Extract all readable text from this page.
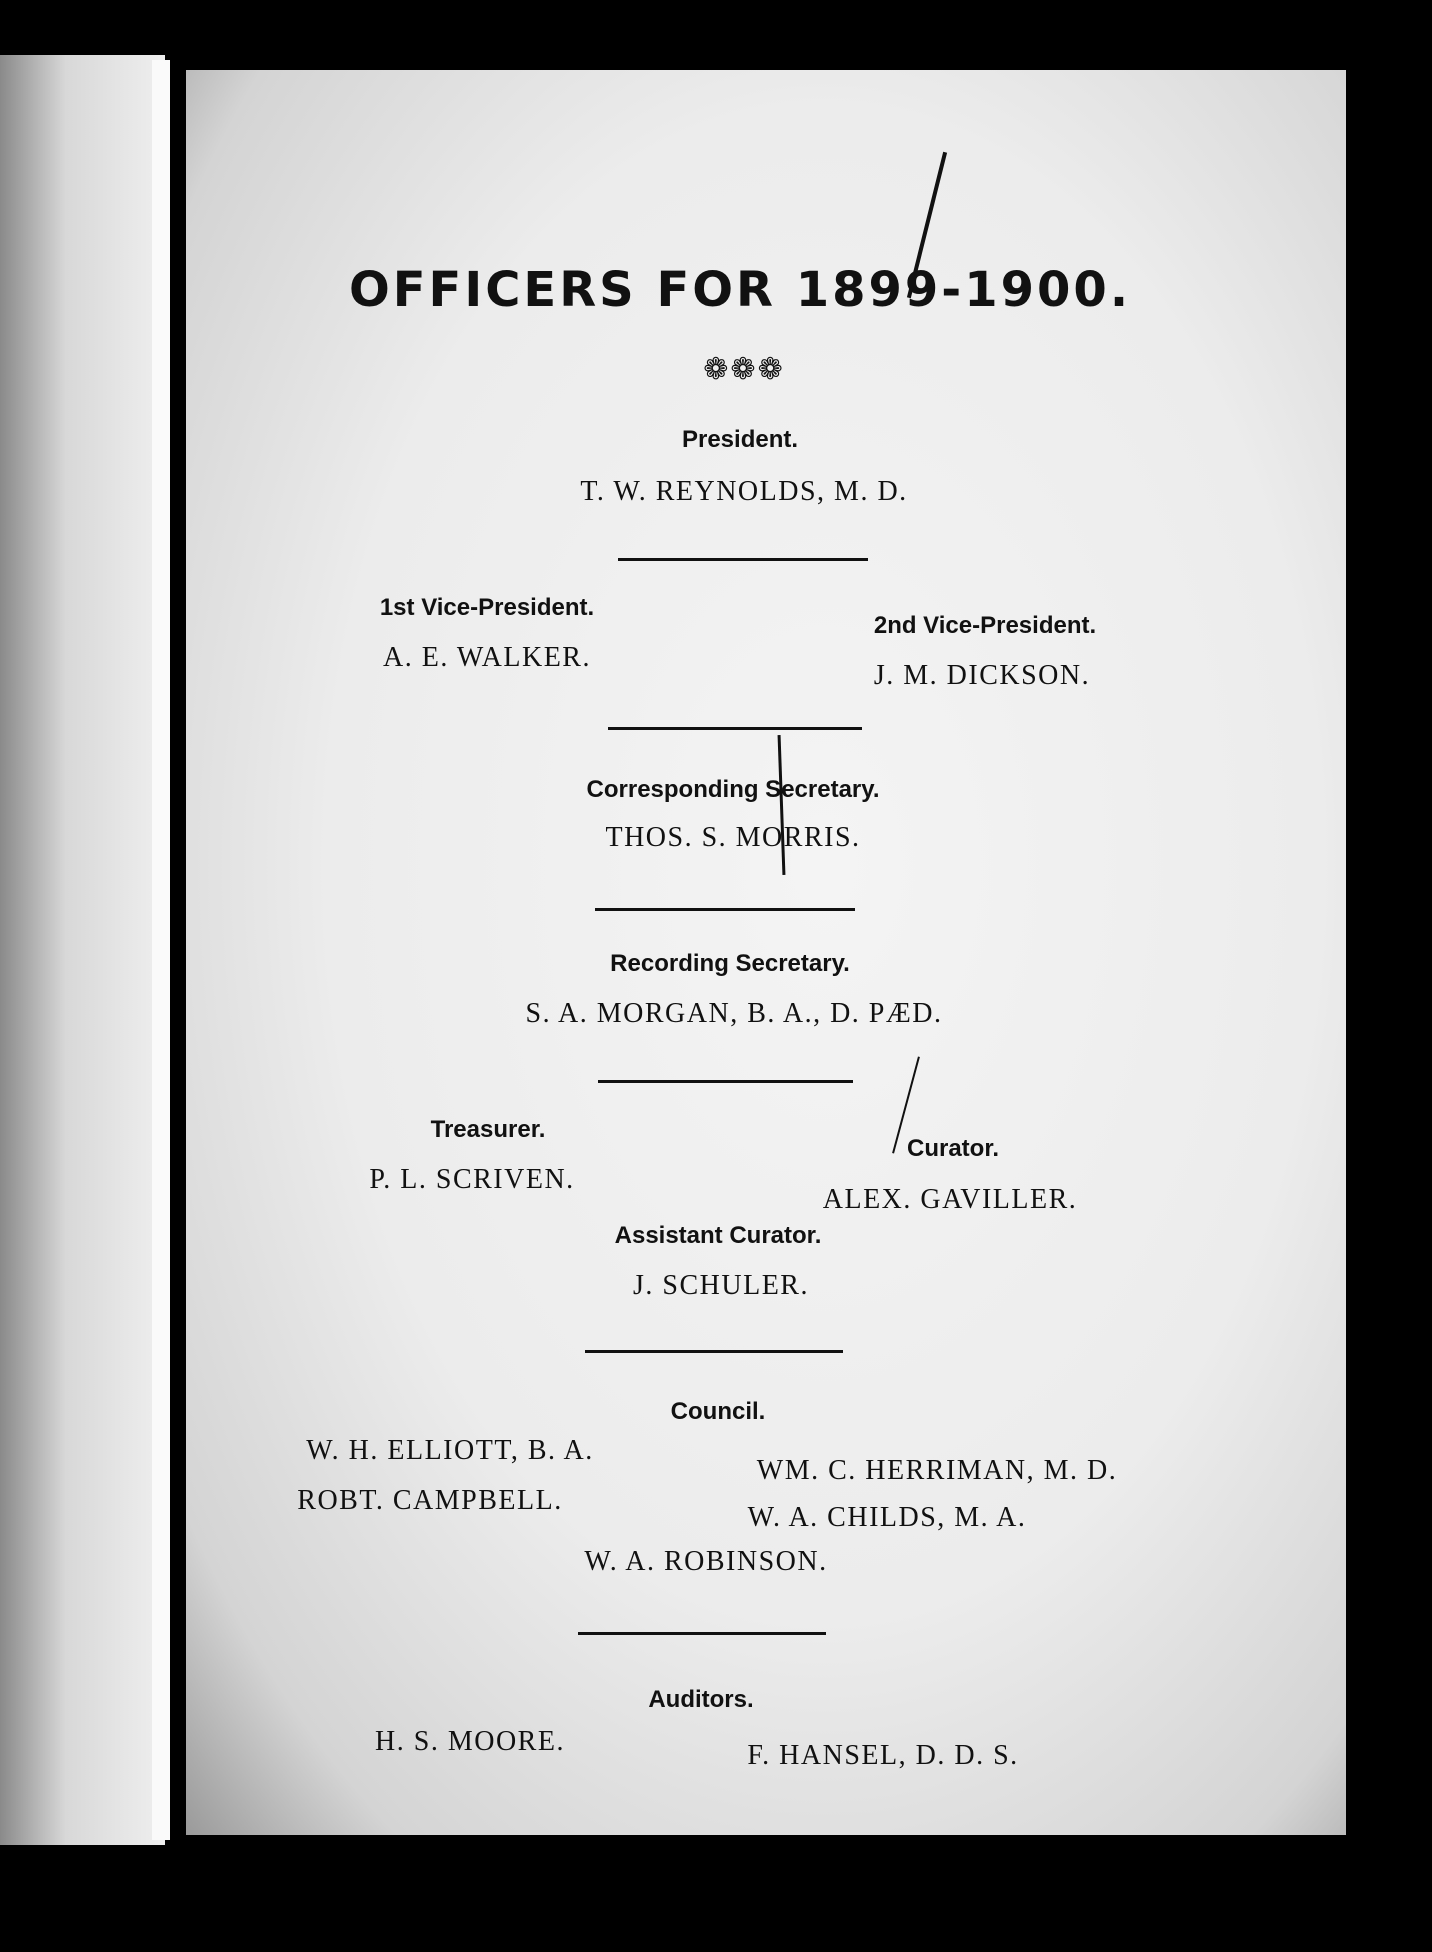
OFFICERS FOR 1899-1900.
❁❁❁
President.
T. W. REYNOLDS, M. D.
1st Vice-President.
A. E. WALKER.
2nd Vice-President.
J. M. DICKSON.
Corresponding Secretary.
THOS. S. MORRIS.
Recording Secretary.
S. A. MORGAN, B. A., D. PÆD.
Treasurer.
P. L. SCRIVEN.
Curator.
ALEX. GAVILLER.
Assistant Curator.
J. SCHULER.
Council.
W. H. ELLIOTT, B. A.
WM. C. HERRIMAN, M. D.
ROBT. CAMPBELL.
W. A. CHILDS, M. A.
W. A. ROBINSON.
Auditors.
H. S. MOORE.	F. HANSEL, D. D. S.
